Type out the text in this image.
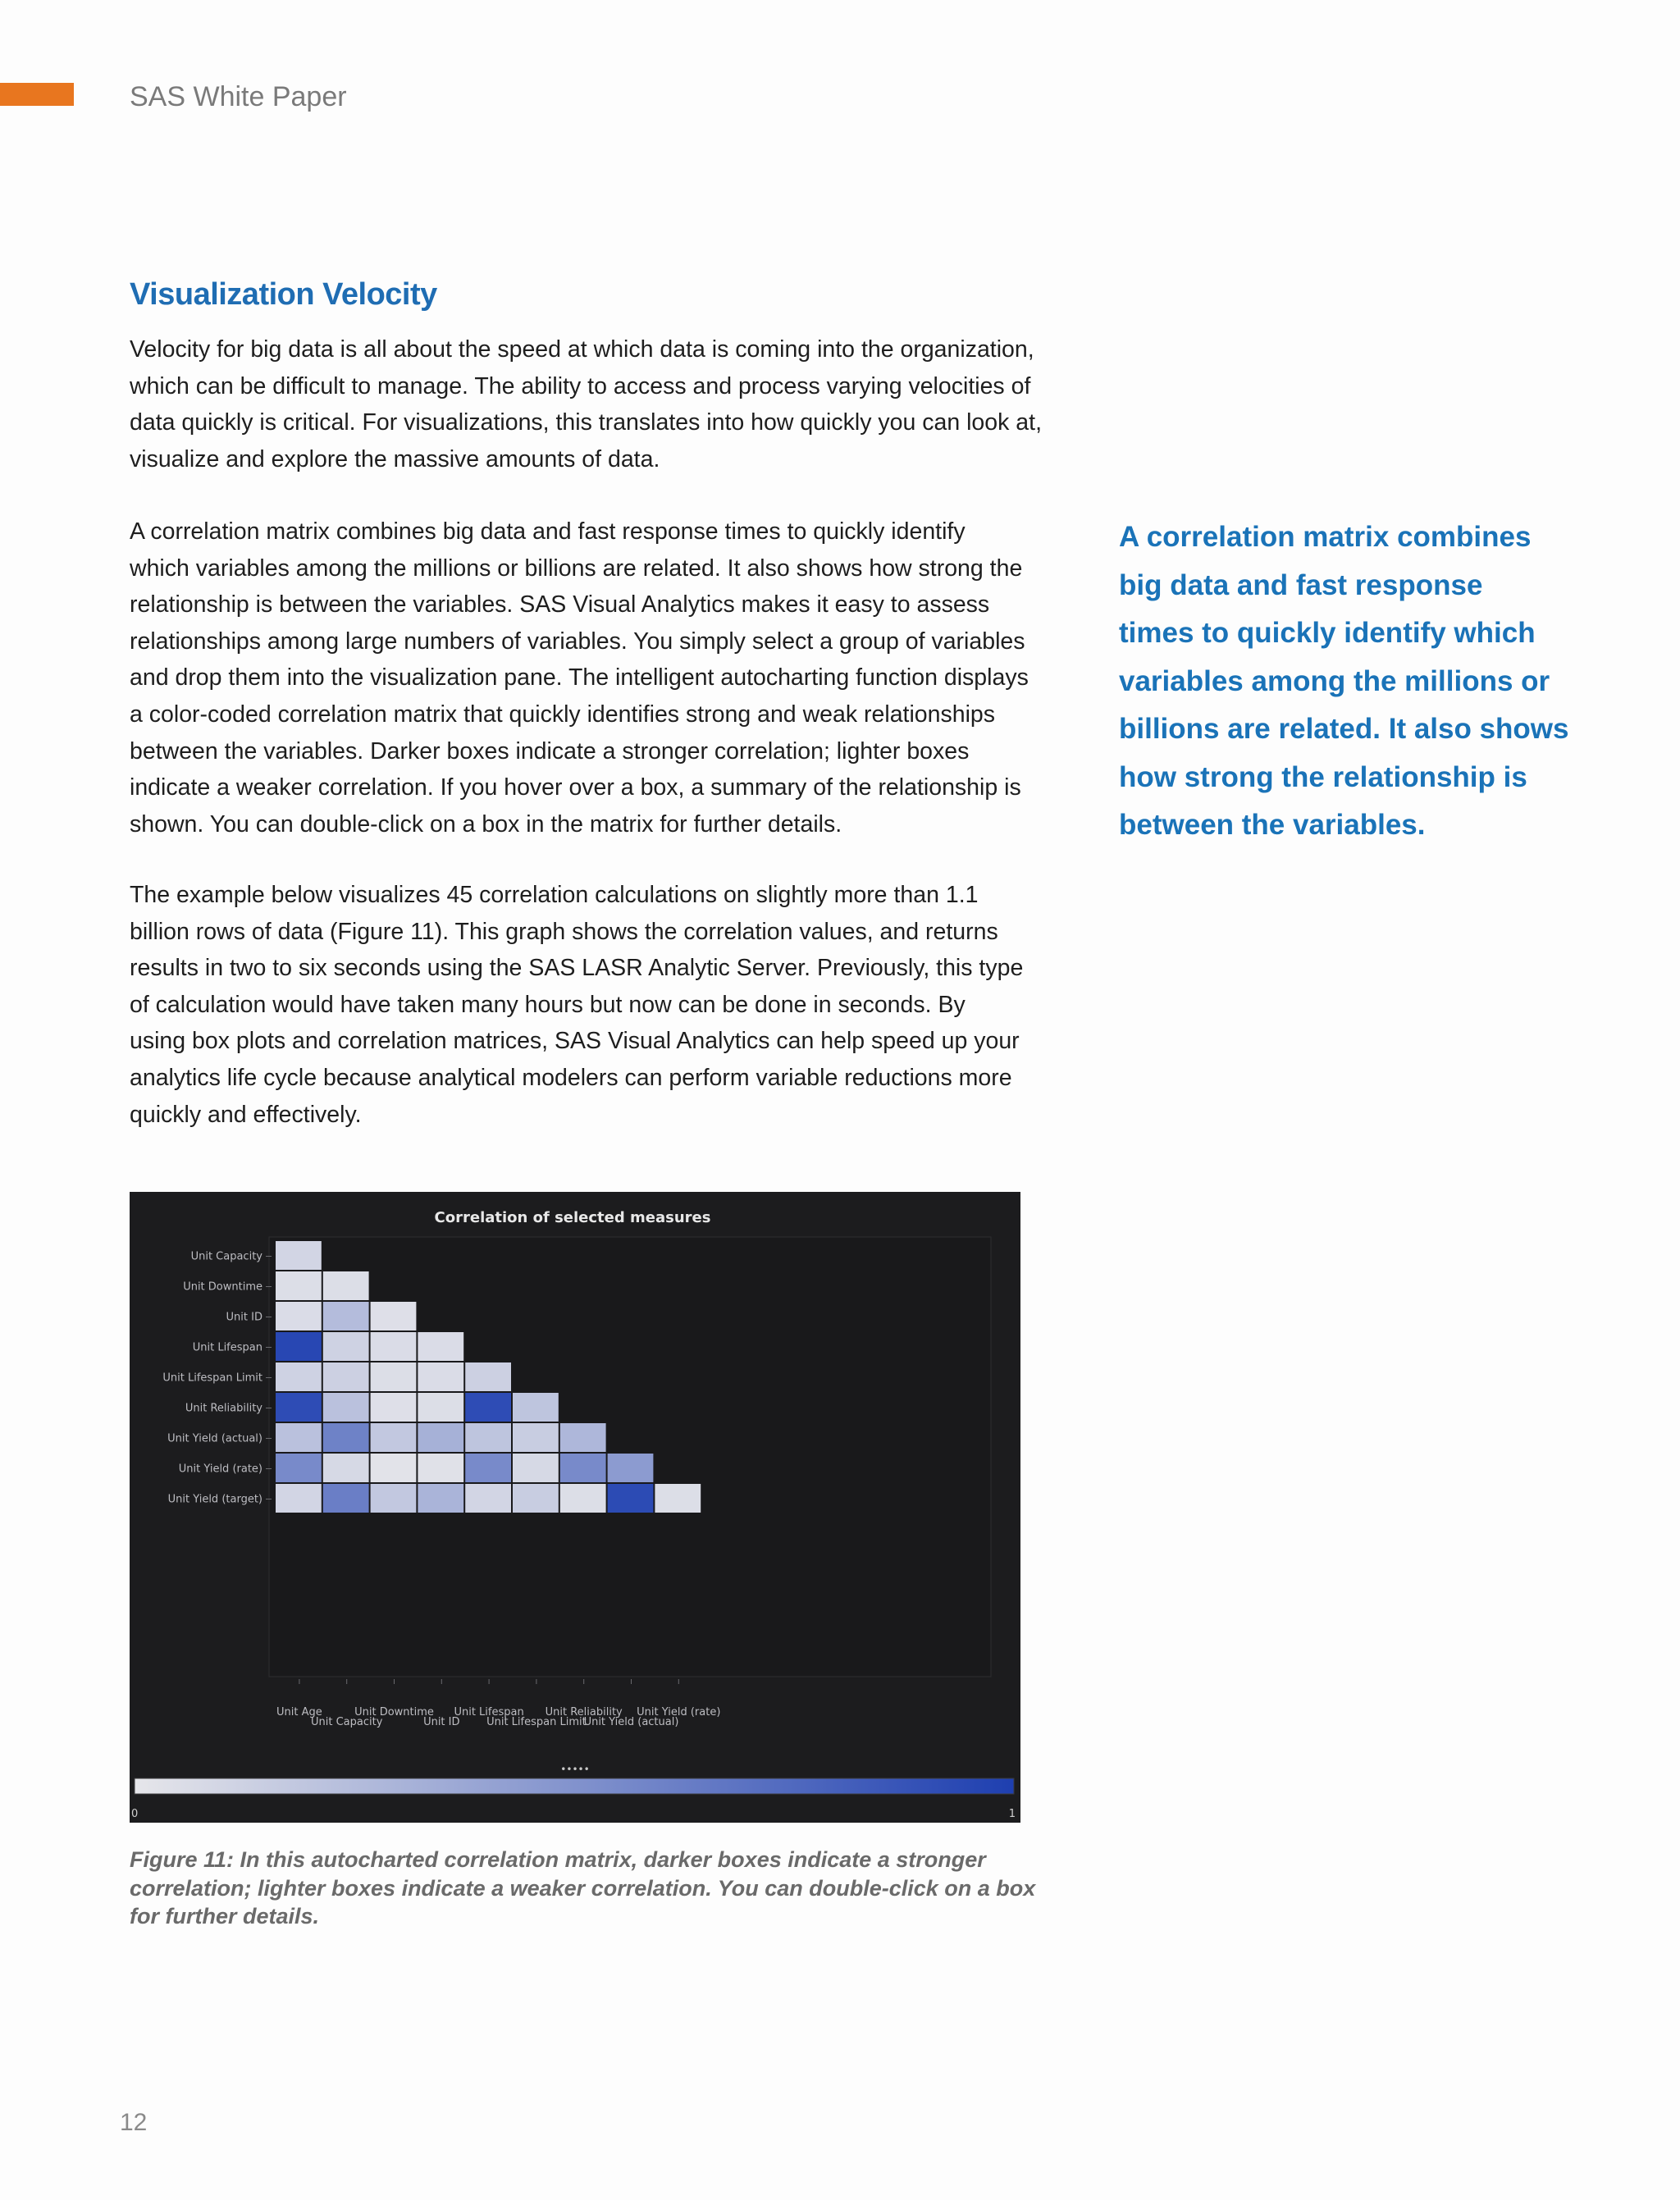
SAS White Paper
Visualization Velocity

Velocity for big data is all about the speed at which data is coming into the organization,
which can be difficult to manage. The ability to access and process varying velocities of
data quickly is critical. For visualizations, this translates into how quickly you can look at,
visualize and explore the massive amounts of data.

A correlation matrix combines big data and fast response times to quickly identify
which variables among the millions or billions are related. It also shows how strong the
relationship is between the variables. SAS Visual Analytics makes it easy to assess
relationships among large numbers of variables. You simply select a group of variables
and drop them into the visualization pane. The intelligent autocharting function displays
a color-coded correlation matrix that quickly identifies strong and weak relationships
between the variables. Darker boxes indicate a stronger correlation; lighter boxes
indicate a weaker correlation. If you hover over a box, a summary of the relationship is
shown. You can double-click on a box in the matrix for further details.

The example below visualizes 45 correlation calculations on slightly more than 1.1
billion rows of data (Figure 11). This graph shows the correlation values, and returns
results in two to six seconds using the SAS LASR Analytic Server. Previously, this type
of calculation would have taken many hours but now can be done in seconds. By
using box plots and correlation matrices, SAS Visual Analytics can help speed up your
analytics life cycle because analytical modelers can perform variable reductions more
quickly and effectively.

A correlation matrix combines
big data and fast response
times to quickly identify which
variables among the millions or
billions are related. It also shows
how strong the relationship is
between the variables.

Correlation of selected measures
Unit Capacity
Unit Downtime
Unit ID
Unit Lifespan
Unit Lifespan Limit
Unit Reliability
Unit Yield (actual)
Unit Yield (rate)
Unit Yield (target)
Unit Age
Unit Capacity
Unit Downtime
Unit ID
Unit Lifespan
Unit Lifespan Limit
Unit Reliability
Unit Yield (actual)
Unit Yield (rate)
•••••
0	1

Figure 11: In this autocharted correlation matrix, darker boxes indicate a stronger
correlation; lighter boxes indicate a weaker correlation. You can double-click on a box
for further details.

12
